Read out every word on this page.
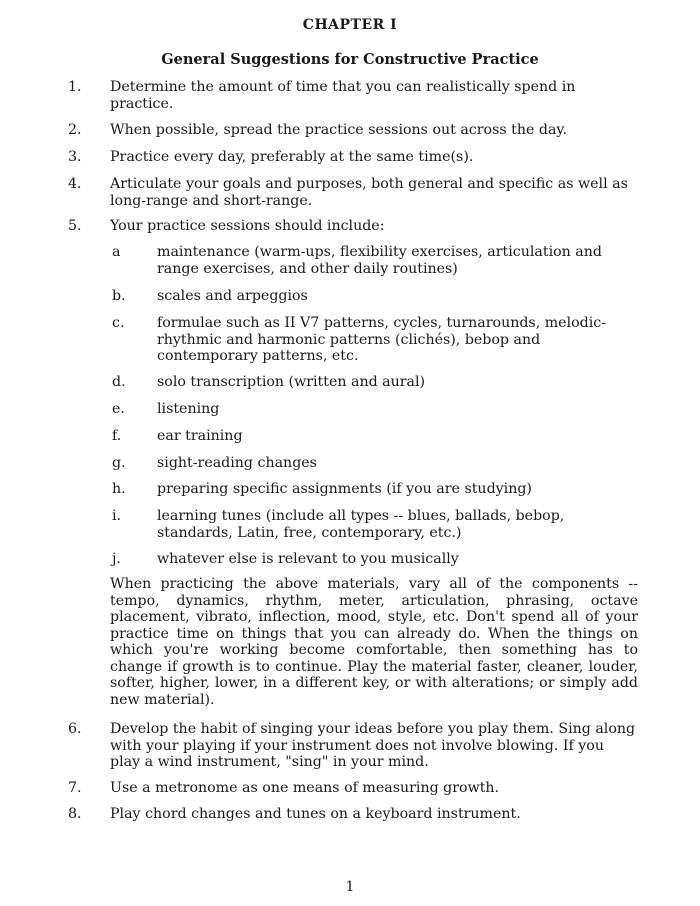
CHAPTER I
General Suggestions for Constructive Practice
1. Determine the amount of time that you can realistically spend in practice.
2. When possible, spread the practice sessions out across the day.
3. Practice every day, preferably at the same time(s).
4. Articulate your goals and purposes, both general and specific as well as long-range and short-range.
5. Your practice sessions should include:
a	maintenance (warm-ups, flexibility exercises, articulation and range exercises, and other daily routines)
b. scales and arpeggios
c. formulae such as II V7 patterns, cycles, turnarounds, melodic-rhythmic and harmonic patterns (clichés), bebop and contemporary patterns, etc.
d. solo transcription (written and aural)
e. listening
f.	ear training
g. sight-reading changes
h. preparing specific assignments (if you are studying)
i.	learning tunes (include all types -- blues, ballads, bebop, standards, Latin, free, contemporary, etc.)
j.	whatever else is relevant to you musically
When practicing the above materials, vary all of the components -- tempo, dynamics, rhythm, meter, articulation, phrasing, octave placement, vibrato, inflection, mood, style, etc. Don't spend all of your practice time on things that you can already do. When the things on which you're working become comfortable, then something has to change if growth is to continue. Play the material faster, cleaner, louder, softer, higher, lower, in a different key, or with alterations; or simply add new material).
6. Develop the habit of singing your ideas before you play them. Sing along with your playing if your instrument does not involve blowing. If you play a wind instrument, "sing" in your mind.
7. Use a metronome as one means of measuring growth.
8. Play chord changes and tunes on a keyboard instrument.
1
